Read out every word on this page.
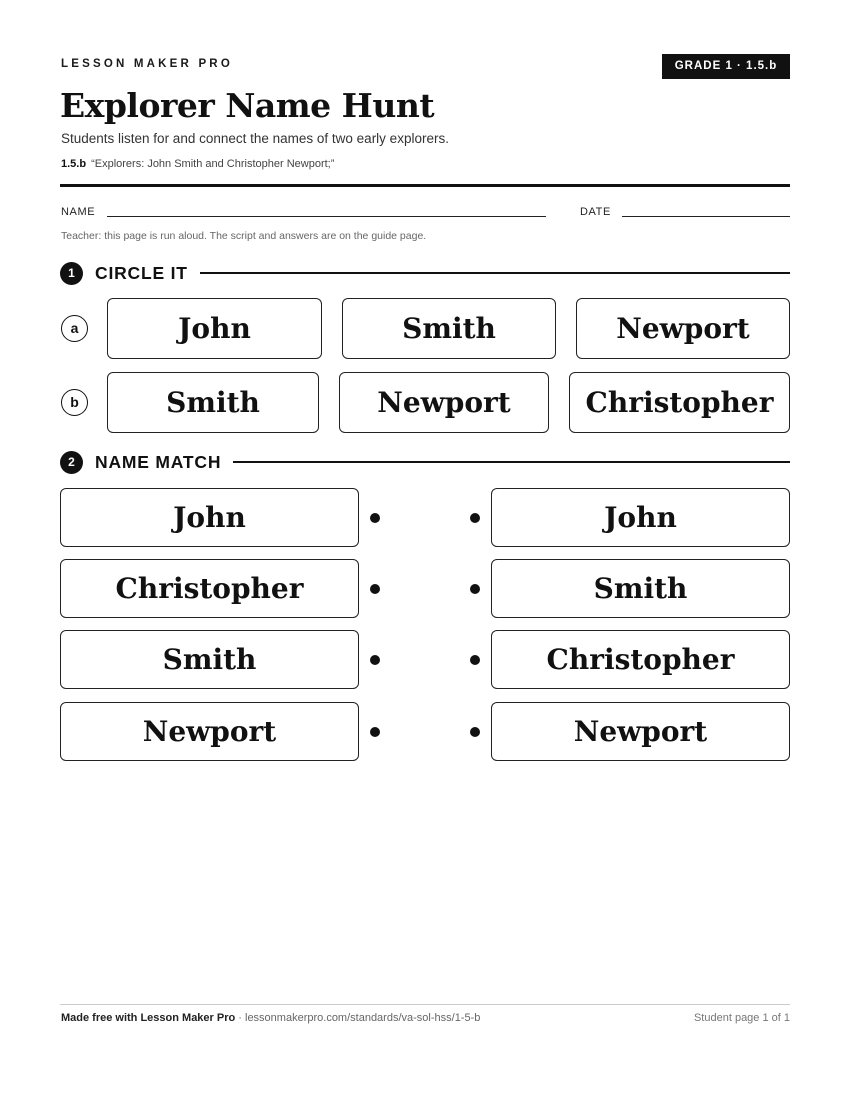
LESSON MAKER PRO	GRADE 1 · 1.5.b
Explorer Name Hunt
Students listen for and connect the names of two early explorers.
1.5.b “Explorers: John Smith and Christopher Newport;”
NAME	DATE
Teacher: this page is run aloud. The script and answers are on the guide page.
1	CIRCLE IT
a	John	Smith	Newport
b	Smith	Newport	Christopher
2	NAME MATCH
John	John
Christopher	Smith
Smith	Christopher
Newport	Newport
Made free with Lesson Maker Pro · lessonmakerpro.com/standards/va-sol-hss/1-5-b	Student page 1 of 1
